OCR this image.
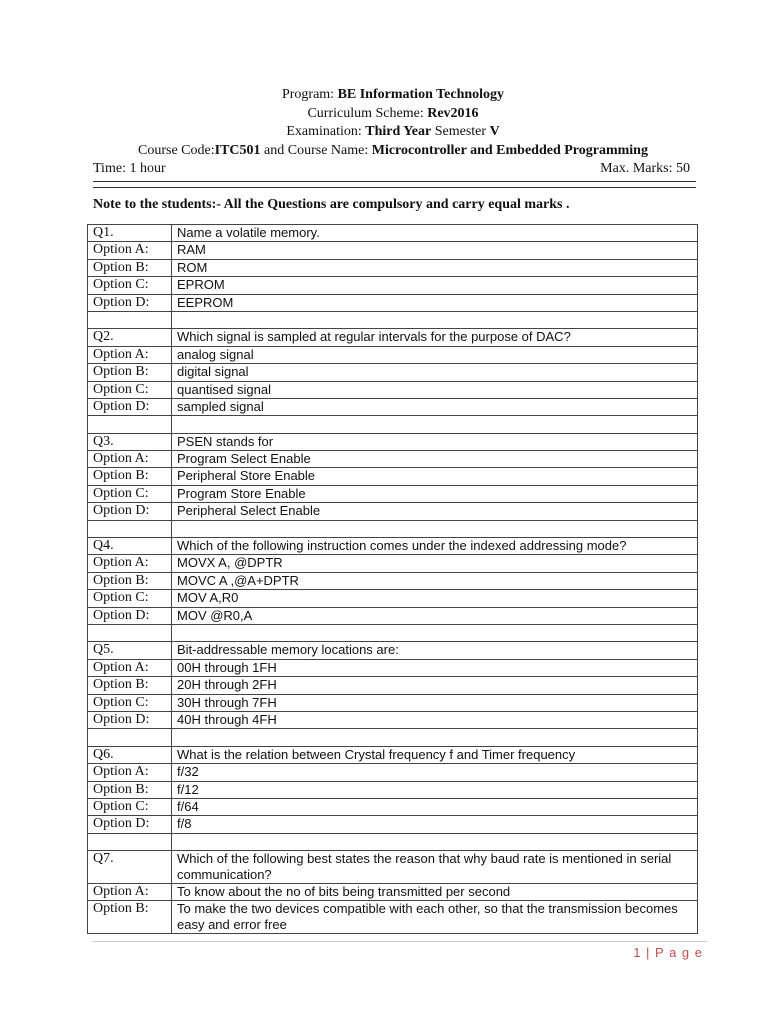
Program: BE Information Technology
Curriculum Scheme: Rev2016
Examination: Third Year Semester V
Course Code:ITC501 and Course Name: Microcontroller and Embedded Programming
Time: 1 hour	Max. Marks: 50
Note to the students:- All the Questions are compulsory and carry equal marks .
Q1.	Name a volatile memory.
Option A:	RAM
Option B:	ROM
Option C:	EPROM
Option D:	EEPROM

Q2.	Which signal is sampled at regular intervals for the purpose of DAC?
Option A:	analog signal
Option B:	digital signal
Option C:	quantised signal
Option D:	sampled signal

Q3.	PSEN stands for
Option A:	Program Select Enable
Option B:	Peripheral Store Enable
Option C:	Program Store Enable
Option D:	Peripheral Select Enable

Q4.	Which of the following instruction comes under the indexed addressing mode?
Option A:	MOVX A, @DPTR
Option B:	MOVC A ,@A+DPTR
Option C:	MOV A,R0
Option D:	MOV @R0,A

Q5.	Bit-addressable memory locations are:
Option A:	00H through 1FH
Option B:	20H through 2FH
Option C:	30H through 7FH
Option D:	40H through 4FH

Q6.	What is the relation between Crystal frequency f and Timer frequency
Option A:	f/32
Option B:	f/12
Option C:	f/64
Option D:	f/8

Q7.	Which of the following best states the reason that why baud rate is mentioned in serial communication?
Option A:	To know about the no of bits being transmitted per second
Option B:	To make the two devices compatible with each other, so that the transmission becomes easy and error free
1 | P a g e
